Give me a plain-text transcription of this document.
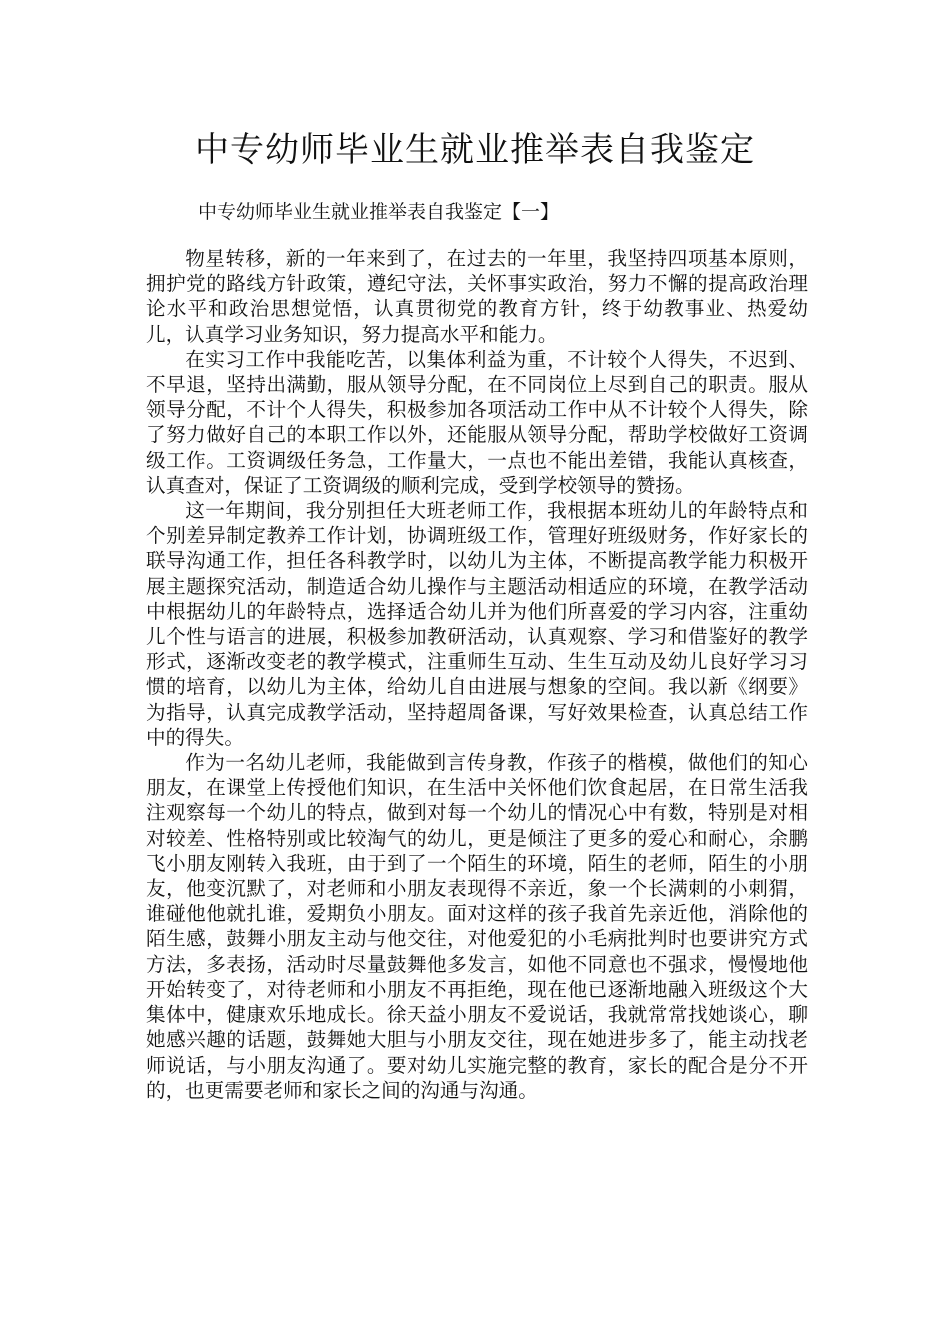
中专幼师毕业生就业推举表自我鉴定
中专幼师毕业生就业推举表自我鉴定【一】

物星转移，新的一年来到了，在过去的一年里，我坚持四项基本原则，拥护党的路线方针政策，遵纪守法，关怀事实政治，努力不懈的提高政治理论水平和政治思想觉悟，认真贯彻党的教育方针，终于幼教事业、热爱幼儿，认真学习业务知识，努力提高水平和能力。

在实习工作中我能吃苦，以集体利益为重，不计较个人得失，不迟到、不早退，坚持出满勤，服从领导分配，在不同岗位上尽到自己的职责。服从领导分配，不计个人得失，积极参加各项活动工作中从不计较个人得失，除了努力做好自己的本职工作以外，还能服从领导分配，帮助学校做好工资调级工作。工资调级任务急，工作量大，一点也不能出差错，我能认真核查，认真查对，保证了工资调级的顺利完成，受到学校领导的赞扬。

这一年期间，我分别担任大班老师工作，我根据本班幼儿的年龄特点和个别差异制定教养工作计划，协调班级工作，管理好班级财务，作好家长的联导沟通工作，担任各科教学时，以幼儿为主体，不断提高教学能力积极开展主题探究活动，制造适合幼儿操作与主题活动相适应的环境，在教学活动中根据幼儿的年龄特点，选择适合幼儿并为他们所喜爱的学习内容，注重幼儿个性与语言的进展，积极参加教研活动，认真观察、学习和借鉴好的教学形式，逐渐改变老的教学模式，注重师生互动、生生互动及幼儿良好学习习惯的培育，以幼儿为主体，给幼儿自由进展与想象的空间。我以新《纲要》为指导，认真完成教学活动，坚持超周备课，写好效果检查，认真总结工作中的得失。

作为一名幼儿老师，我能做到言传身教，作孩子的楷模，做他们的知心朋友，在课堂上传授他们知识，在生活中关怀他们饮食起居，在日常生活我注观察每一个幼儿的特点，做到对每一个幼儿的情况心中有数，特别是对相对较差、性格特别或比较淘气的幼儿，更是倾注了更多的爱心和耐心，余鹏飞小朋友刚转入我班，由于到了一个陌生的环境，陌生的老师，陌生的小朋友，他变沉默了，对老师和小朋友表现得不亲近，象一个长满刺的小刺猬，谁碰他他就扎谁，爱期负小朋友。面对这样的孩子我首先亲近他，消除他的陌生感，鼓舞小朋友主动与他交往，对他爱犯的小毛病批判时也要讲究方式方法，多表扬，活动时尽量鼓舞他多发言，如他不同意也不强求，慢慢地他开始转变了，对待老师和小朋友不再拒绝，现在他已逐渐地融入班级这个大集体中，健康欢乐地成长。徐天益小朋友不爱说话，我就常常找她谈心，聊她感兴趣的话题，鼓舞她大胆与小朋友交往，现在她进步多了，能主动找老师说话，与小朋友沟通了。要对幼儿实施完整的教育，家长的配合是分不开的，也更需要老师和家长之间的沟通与沟通。
